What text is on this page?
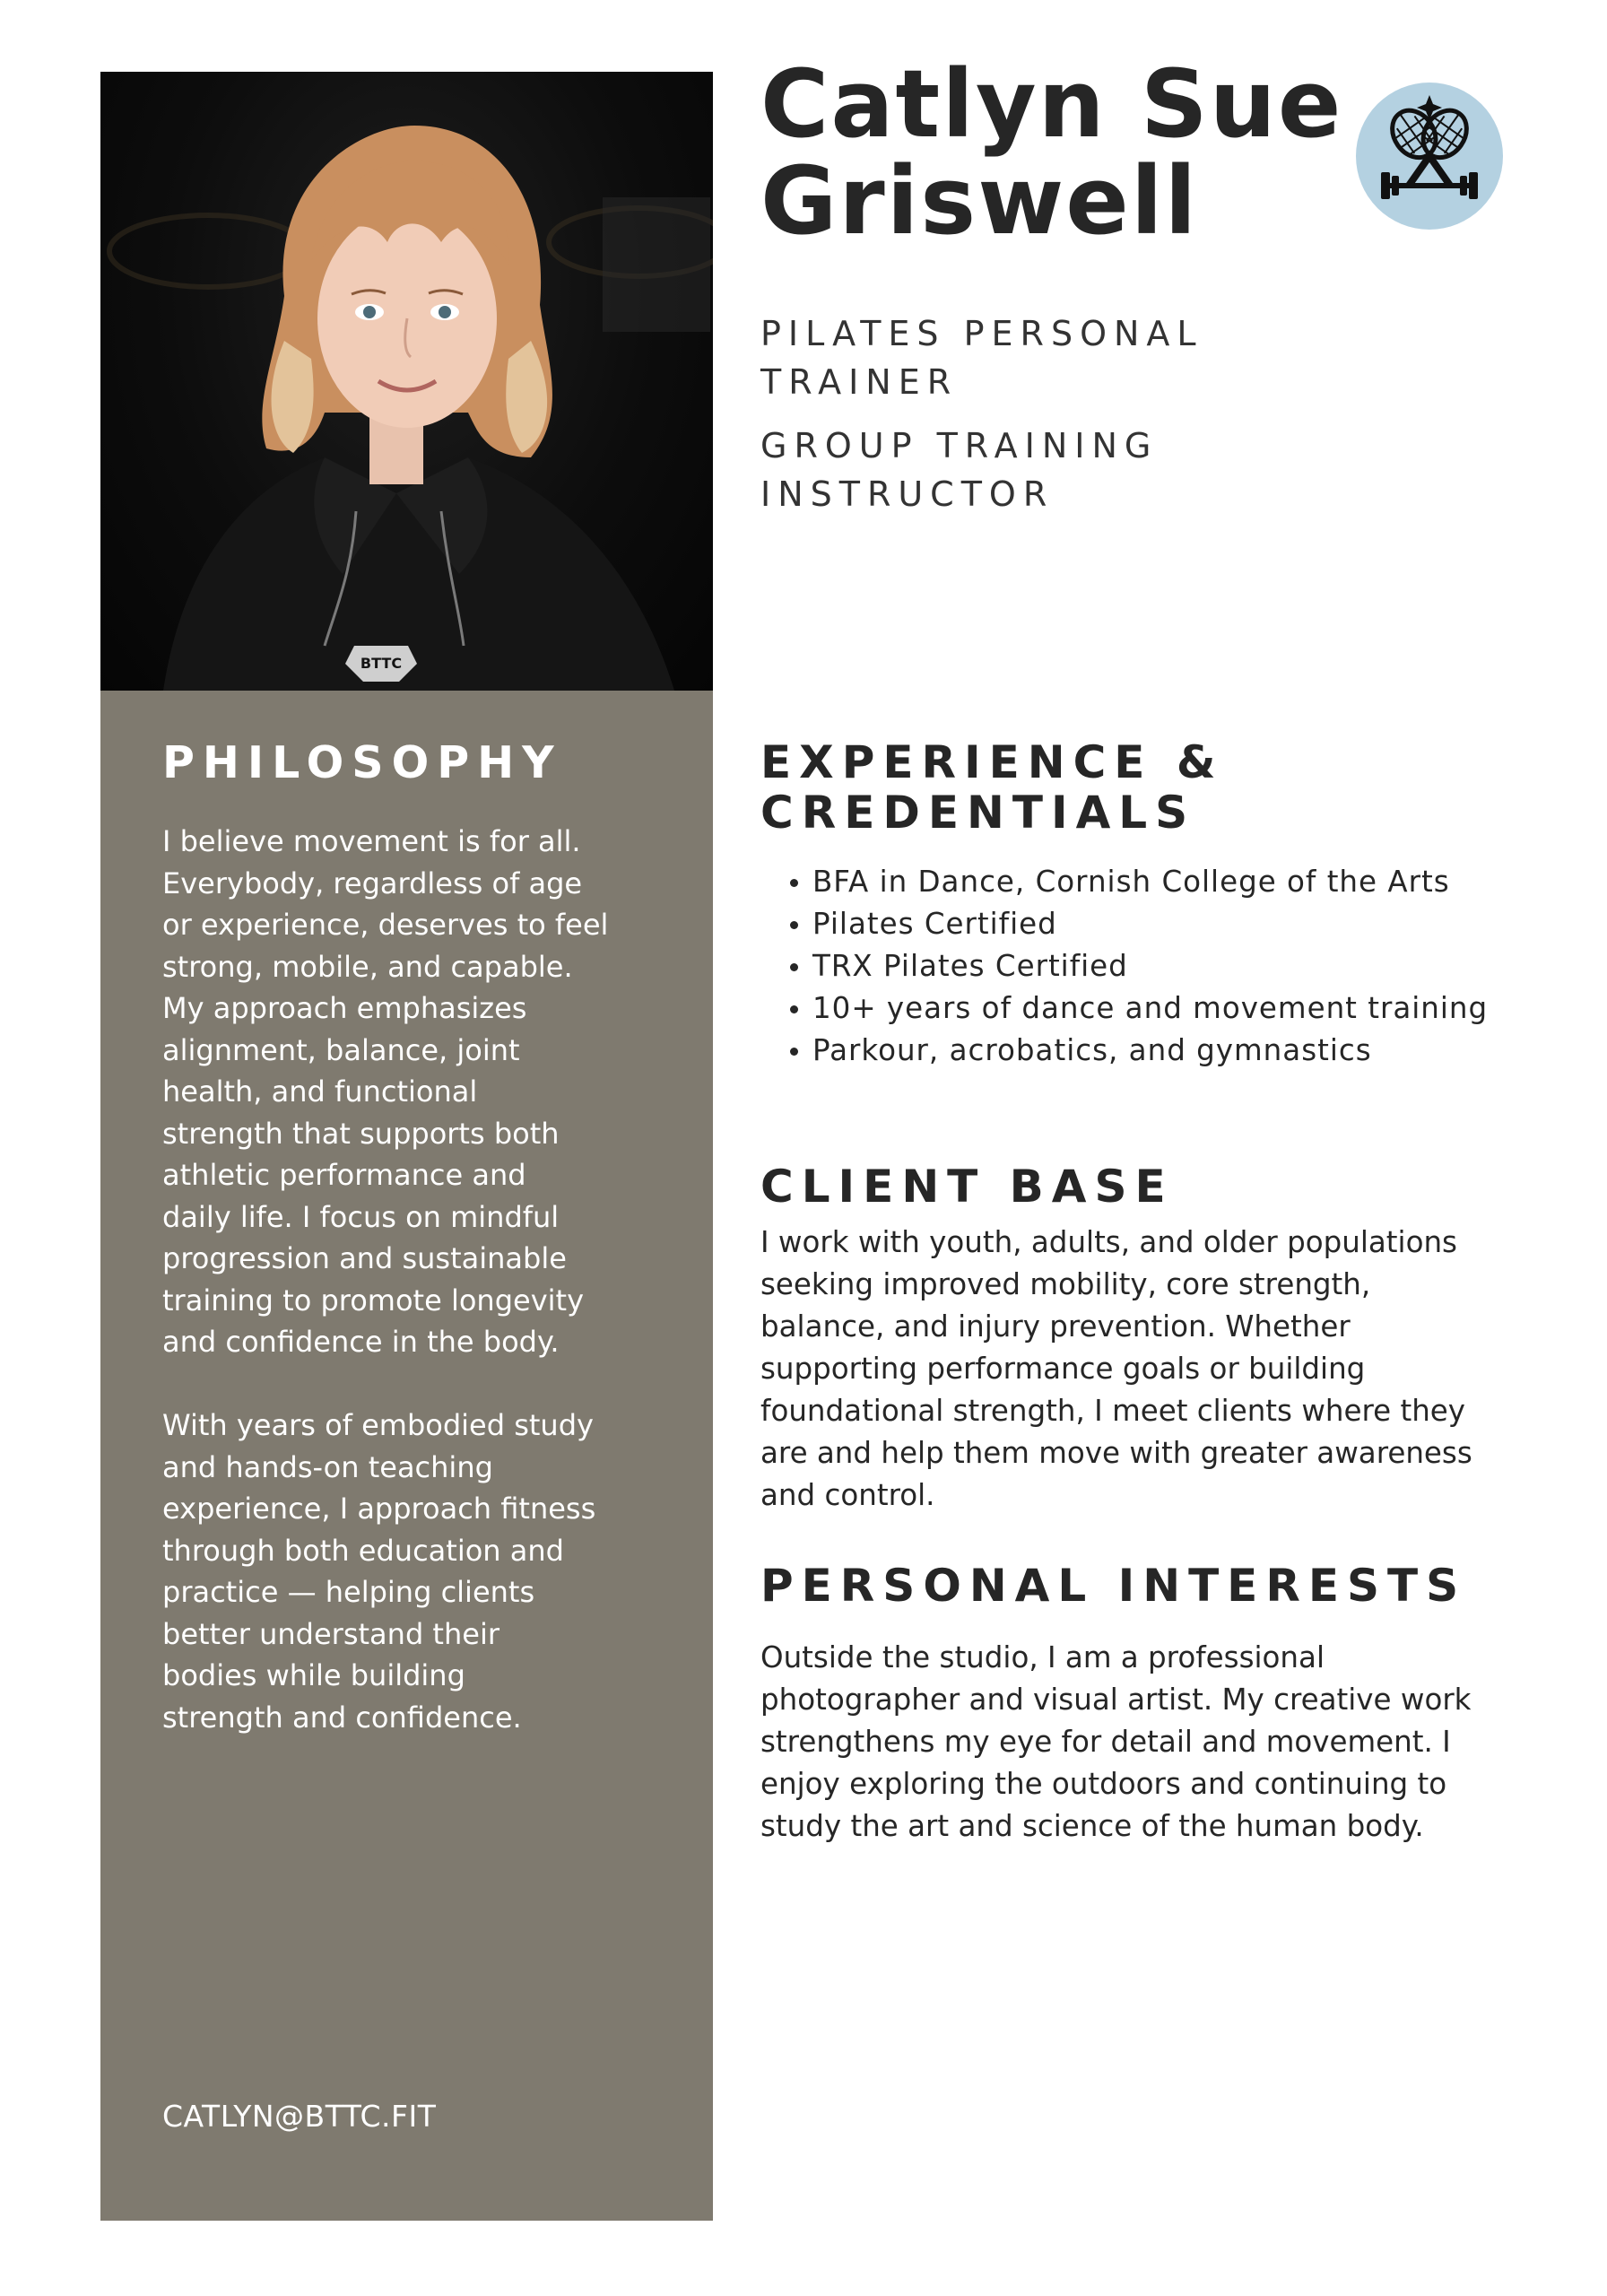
BTTC
PHILOSOPHY
I believe movement is for all.
Everybody, regardless of age
or experience, deserves to feel
strong, mobile, and capable.
My approach emphasizes
alignment, balance, joint
health, and functional
strength that supports both
athletic performance and
daily life. I focus on mindful
progression and sustainable
training to promote longevity
and confidence in the body.

With years of embodied study
and hands-on teaching
experience, I approach fitness
through both education and
practice — helping clients
better understand their
bodies while building
strength and confidence.

CATLYN@BTTC.FIT

Catlyn Sue
Griswell

PILATES PERSONAL
TRAINER

GROUP TRAINING
INSTRUCTOR

EXPERIENCE &
CREDENTIALS
• BFA in Dance, Cornish College of the Arts
• Pilates Certified
• TRX Pilates Certified
• 10+ years of dance and movement training
• Parkour, acrobatics, and gymnastics
CLIENT BASE

I work with youth, adults, and older populations
seeking improved mobility, core strength,
balance, and injury prevention. Whether
supporting performance goals or building
foundational strength, I meet clients where they
are and help them move with greater awareness
and control.

PERSONAL INTERESTS

Outside the studio, I am a professional
photographer and visual artist. My creative work
strengthens my eye for detail and movement. I
enjoy exploring the outdoors and continuing to
study the art and science of the human body.
